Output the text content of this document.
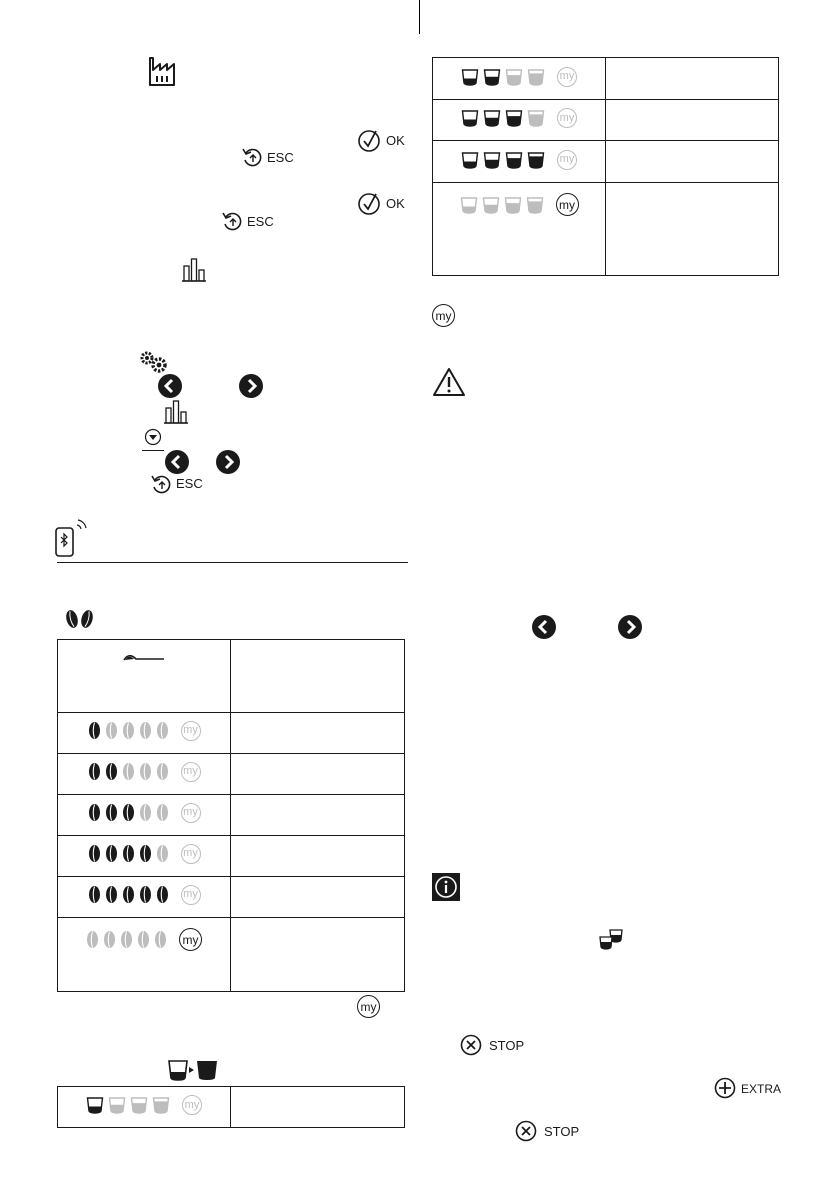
OK
ESC
OK
ESC
ESC

my	

my	

my	

my	

my	

my	

my
my

my	

my	

my	

my	

my
STOP
EXTRA
STOP
